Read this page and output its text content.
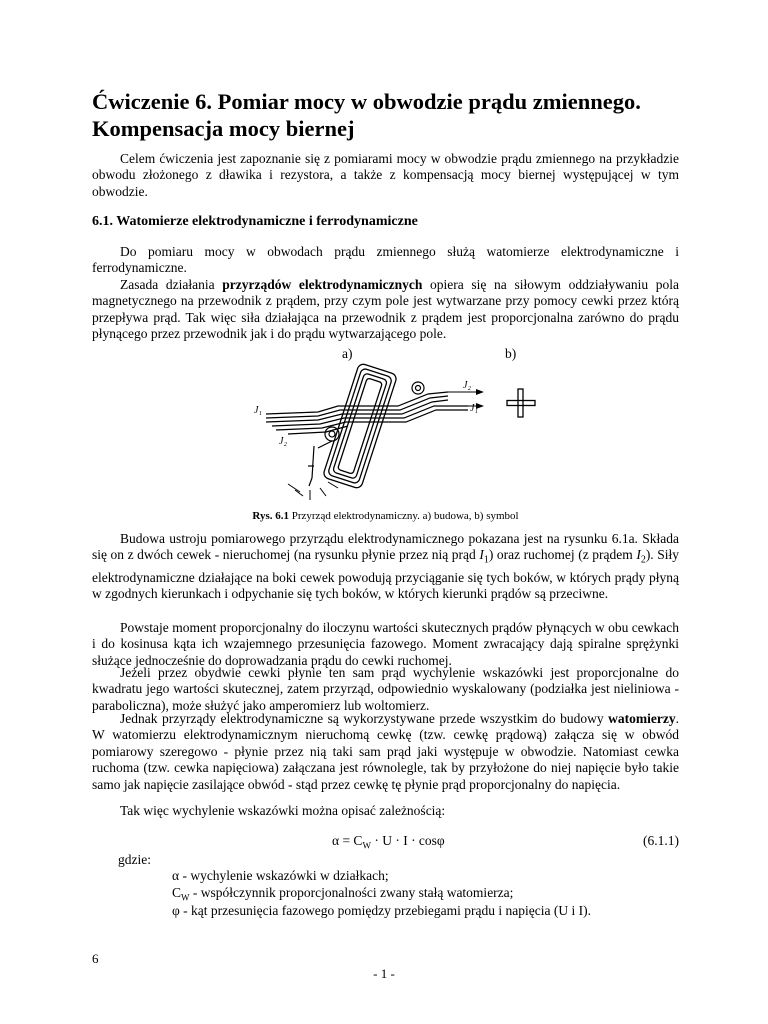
Ćwiczenie 6. Pomiar mocy w obwodzie prądu zmiennego.
Kompensacja mocy biernej

Celem ćwiczenia jest zapoznanie się z pomiarami mocy w obwodzie prądu zmiennego na przykładzie obwodu złożonego z dławika i rezystora, a także z kompensacją mocy biernej występującej w tym obwodzie.

6.1. Watomierze elektrodynamiczne i ferrodynamiczne

Do pomiaru mocy w obwodach prądu zmiennego służą watomierze elektrodynamiczne i ferrodynamiczne.

Zasada działania przyrządów elektrodynamicznych opiera się na siłowym oddziaływaniu pola magnetycznego na przewodnik z prądem, przy czym pole jest wytwarzane przy pomocy cewki przez którą przepływa prąd. Tak więc siła działająca na przewodnik z prądem jest proporcjonalna zarówno do prądu płynącego przez przewodnik jak i do prądu wytwarzającego pole.

a)	b)
J₁	J₁
J₂
J₂
Rys. 6.1 Przyrząd elektrodynamiczny. a) budowa, b) symbol

Budowa ustroju pomiarowego przyrządu elektrodynamicznego pokazana jest na rysunku 6.1a. Składa się on z dwóch cewek - nieruchomej (na rysunku płynie przez nią prąd $I_1$) oraz ruchomej (z prądem $I_2$). Siły elektrodynamiczne działające na boki cewek powodują przyciąganie się tych boków, w których prądy płyną w zgodnych kierunkach i odpychanie się tych boków, w których kierunki prądów są przeciwne.

Powstaje moment proporcjonalny do iloczynu wartości skutecznych prądów płynących w obu cewkach i do kosinusa kąta ich wzajemnego przesunięcia fazowego. Moment zwracający dają spiralne sprężynki służące jednocześnie do doprowadzania prądu do cewki ruchomej.

Jeżeli przez obydwie cewki płynie ten sam prąd wychylenie wskazówki jest proporcjonalne do kwadratu jego wartości skutecznej, zatem przyrząd, odpowiednio wyskalowany (podziałka jest nieliniowa - paraboliczna), może służyć jako amperomierz lub woltomierz.

Jednak przyrządy elektrodynamiczne są wykorzystywane przede wszystkim do budowy watomierzy. W watomierzu elektrodynamicznym nieruchomą cewkę (tzw. cewkę prądową) załącza się w obwód pomiarowy szeregowo - płynie przez nią taki sam prąd jaki występuje w obwodzie. Natomiast cewka ruchoma (tzw. cewka napięciowa) załączana jest równolegle, tak by przyłożone do niej napięcie było takie samo jak napięcie zasilające obwód - stąd przez cewkę tę płynie prąd proporcjonalny do napięcia.

Tak więc wychylenie wskazówki można opisać zależnością:

$\alpha = C_W \cdot U \cdot I \cdot \cos\varphi$	(6.1.1)
gdzie:
α - wychylenie wskazówki w działkach;
$C_W$ - współczynnik proporcjonalności zwany stałą watomierza;
φ - kąt przesunięcia fazowego pomiędzy przebiegami prądu i napięcia (U i I).
6
- 1 -
